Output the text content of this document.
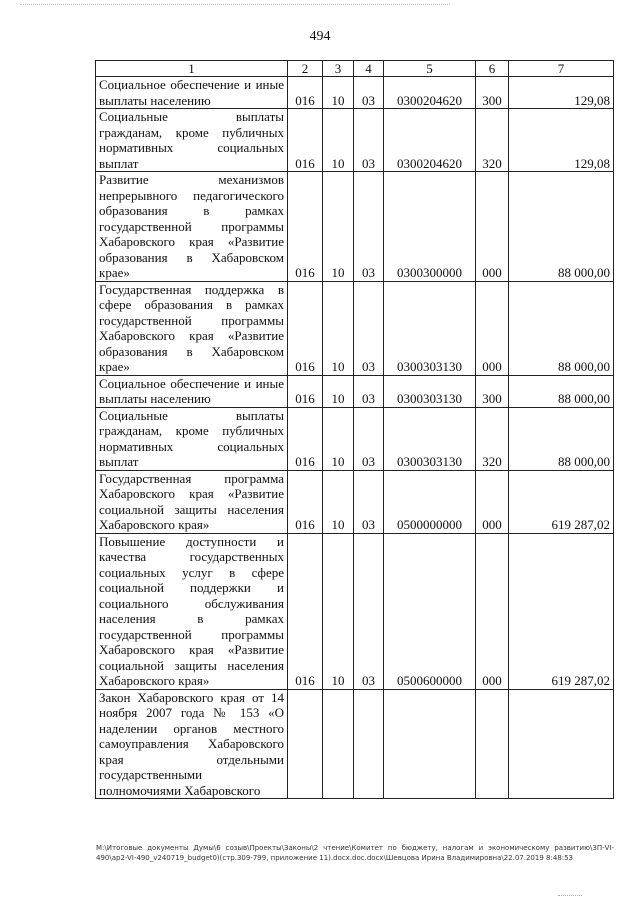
494
1	2	3	4	5	6	7
Социальное обеспечение и иные выплаты населению	016	10	03	0300204620	300	129,08
Социальные выплаты гражданам, кроме публичных нормативных социальных выплат	016	10	03	0300204620	320	129,08
Развитие механизмов непрерывного педагогического образования в рамках государственной программы Хабаровского края «Развитие образования в Хабаровском крае»	016	10	03	0300300000	000	88 000,00
Государственная поддержка в сфере образования в рамках государственной программы Хабаровского края «Развитие образования в Хабаровском крае»	016	10	03	0300303130	000	88 000,00
Социальное обеспечение и иные выплаты населению	016	10	03	0300303130	300	88 000,00
Социальные выплаты гражданам, кроме публичных нормативных социальных выплат	016	10	03	0300303130	320	88 000,00
Государственная программа Хабаровского края «Развитие социальной защиты населения Хабаровского края»	016	10	03	0500000000	000	619 287,02
Повышение доступности и качества государственных социальных услуг в сфере социальной поддержки и социального обслуживания населения в рамках государственной программы Хабаровского края «Развитие социальной защиты населения Хабаровского края»	016	10	03	0500600000	000	619 287,02
Закон Хабаровского края от 14 ноября 2007 года № 153 «О наделении органов местного самоуправления Хабаровского края отдельными государственными полномочиями Хабаровского						
M:\Итоговые документы Думы\6 созыв\Проекты\Законы\2 чтение\Комитет по бюджету, налогам и экономическому развитию\ЗП-VI-490\ap2-VI-490_v240719_budget0)(стр.309-799, приложение 11).docx.doc.docx\Шевцова Ирина Владимировна\22.07.2019 8:48:53
